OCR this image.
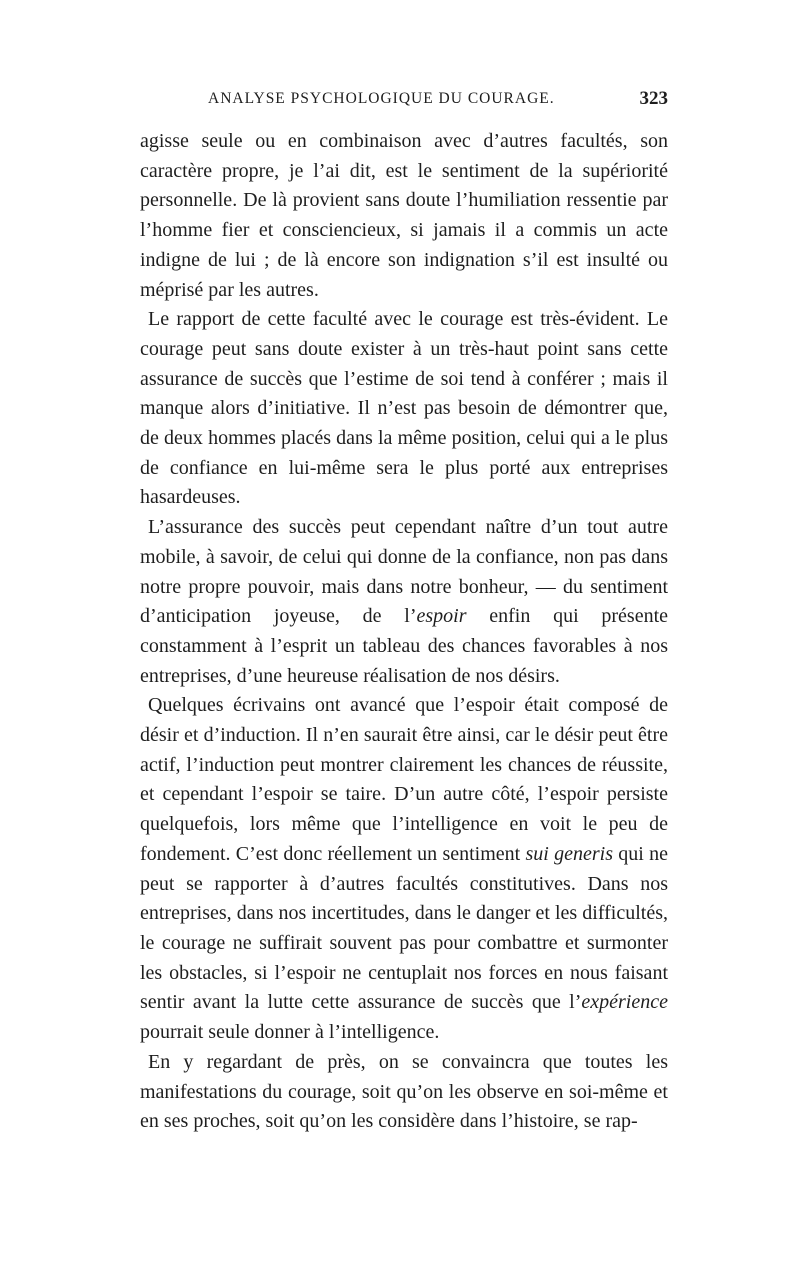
ANALYSE PSYCHOLOGIQUE DU COURAGE.	323

agisse seule ou en combinaison avec d’autres facultés, son caractère propre, je l’ai dit, est le sentiment de la supériorité personnelle. De là provient sans doute l’humiliation ressentie par l’homme fier et consciencieux, si jamais il a commis un acte indigne de lui ; de là encore son indignation s’il est insulté ou méprisé par les autres.

Le rapport de cette faculté avec le courage est très-évident. Le courage peut sans doute exister à un très-haut point sans cette assurance de succès que l’estime de soi tend à conférer ; mais il manque alors d’initiative. Il n’est pas besoin de démontrer que, de deux hommes placés dans la même position, celui qui a le plus de confiance en lui-même sera le plus porté aux entreprises hasardeuses.

L’assurance des succès peut cependant naître d’un tout autre mobile, à savoir, de celui qui donne de la confiance, non pas dans notre propre pouvoir, mais dans notre bonheur, — du sentiment d’anticipation joyeuse, de l’espoir enfin qui présente constamment à l’esprit un tableau des chances favorables à nos entreprises, d’une heureuse réalisation de nos désirs.

Quelques écrivains ont avancé que l’espoir était composé de désir et d’induction. Il n’en saurait être ainsi, car le désir peut être actif, l’induction peut montrer clairement les chances de réussite, et cependant l’espoir se taire. D’un autre côté, l’espoir persiste quelquefois, lors même que l’intelligence en voit le peu de fondement. C’est donc réellement un sentiment sui generis qui ne peut se rapporter à d’autres facultés constitutives. Dans nos entreprises, dans nos incertitudes, dans le danger et les difficultés, le courage ne suffirait souvent pas pour combattre et surmonter les obstacles, si l’espoir ne centuplait nos forces en nous faisant sentir avant la lutte cette assurance de succès que l’expérience pourrait seule donner à l’intelligence.

En y regardant de près, on se convaincra que toutes les manifestations du courage, soit qu’on les observe en soi-même et en ses proches, soit qu’on les considère dans l’histoire, se rap-
